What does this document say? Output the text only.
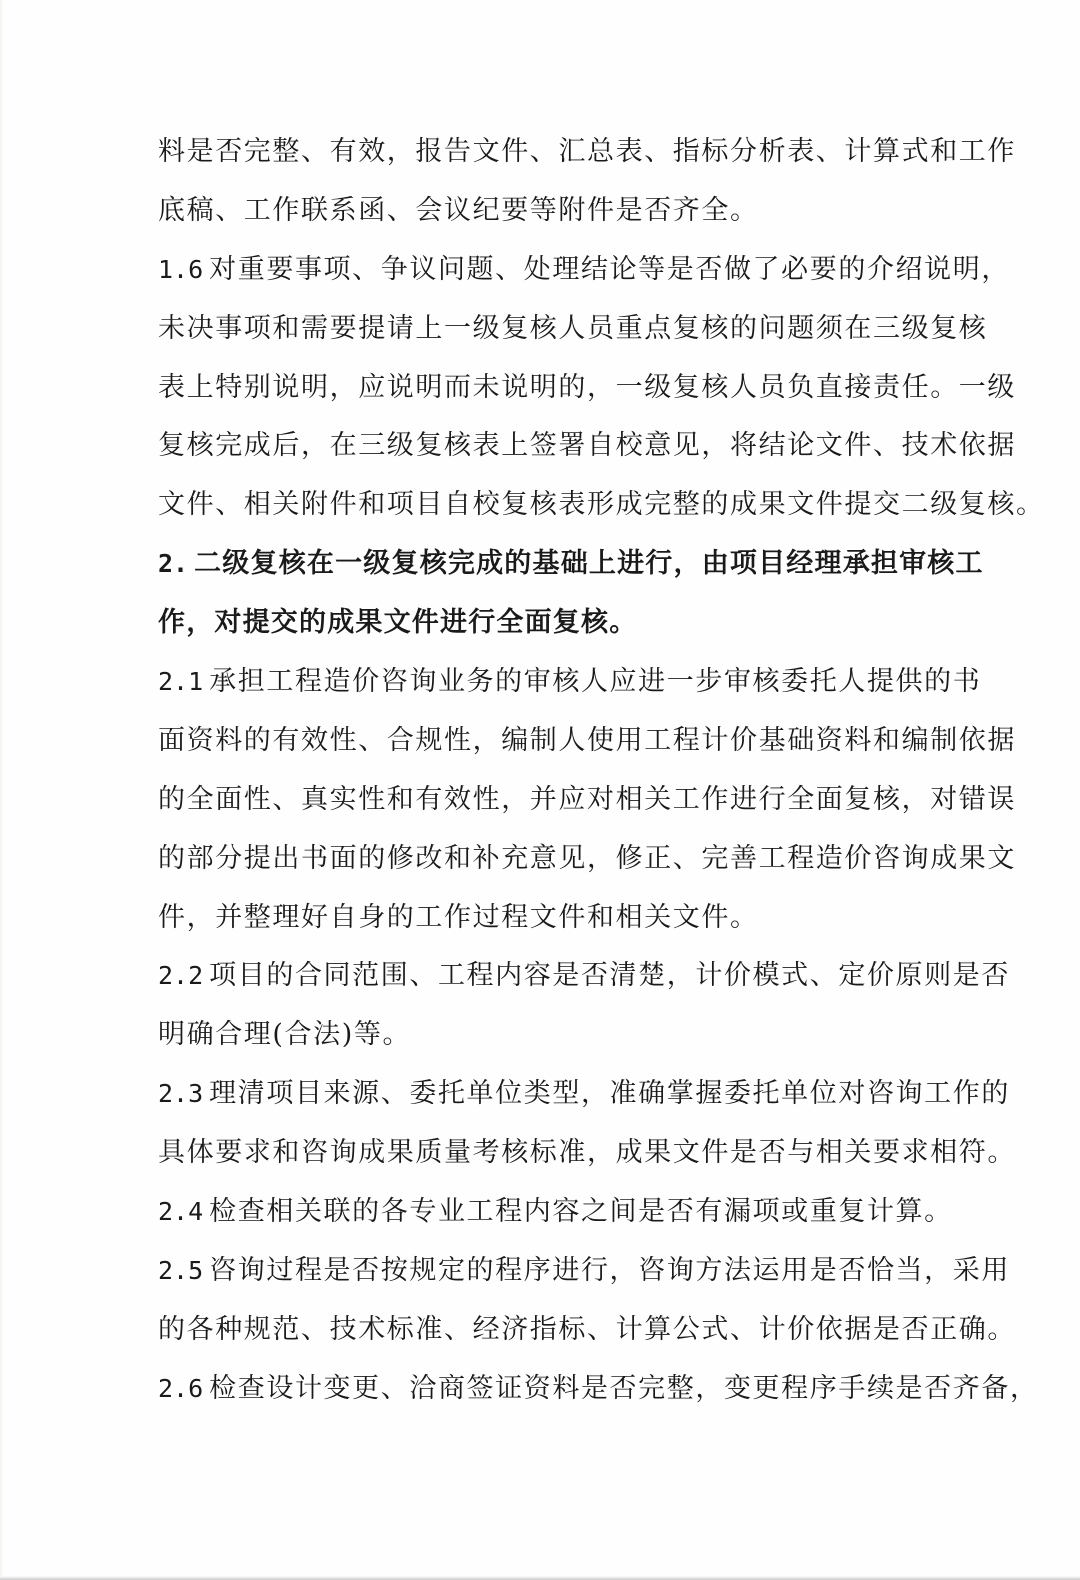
料是否完整、有效，报告文件、汇总表、指标分析表、计算式和工作
底稿、工作联系函、会议纪要等附件是否齐全。
1.6 对重要事项、争议问题、处理结论等是否做了必要的介绍说明，
未决事项和需要提请上一级复核人员重点复核的问题须在三级复核
表上特别说明，应说明而未说明的，一级复核人员负直接责任。一级
复核完成后，在三级复核表上签署自校意见，将结论文件、技术依据
文件、相关附件和项目自校复核表形成完整的成果文件提交二级复核。
2. 二级复核在一级复核完成的基础上进行，由项目经理承担审核工
作，对提交的成果文件进行全面复核。
2.1 承担工程造价咨询业务的审核人应进一步审核委托人提供的书
面资料的有效性、合规性，编制人使用工程计价基础资料和编制依据
的全面性、真实性和有效性，并应对相关工作进行全面复核，对错误
的部分提出书面的修改和补充意见，修正、完善工程造价咨询成果文
件，并整理好自身的工作过程文件和相关文件。
2.2 项目的合同范围、工程内容是否清楚，计价模式、定价原则是否
明确合理(合法)等。
2.3 理清项目来源、委托单位类型，准确掌握委托单位对咨询工作的
具体要求和咨询成果质量考核标准，成果文件是否与相关要求相符。
2.4 检查相关联的各专业工程内容之间是否有漏项或重复计算。
2.5 咨询过程是否按规定的程序进行，咨询方法运用是否恰当，采用
的各种规范、技术标准、经济指标、计算公式、计价依据是否正确。
2.6 检查设计变更、洽商签证资料是否完整，变更程序手续是否齐备，
